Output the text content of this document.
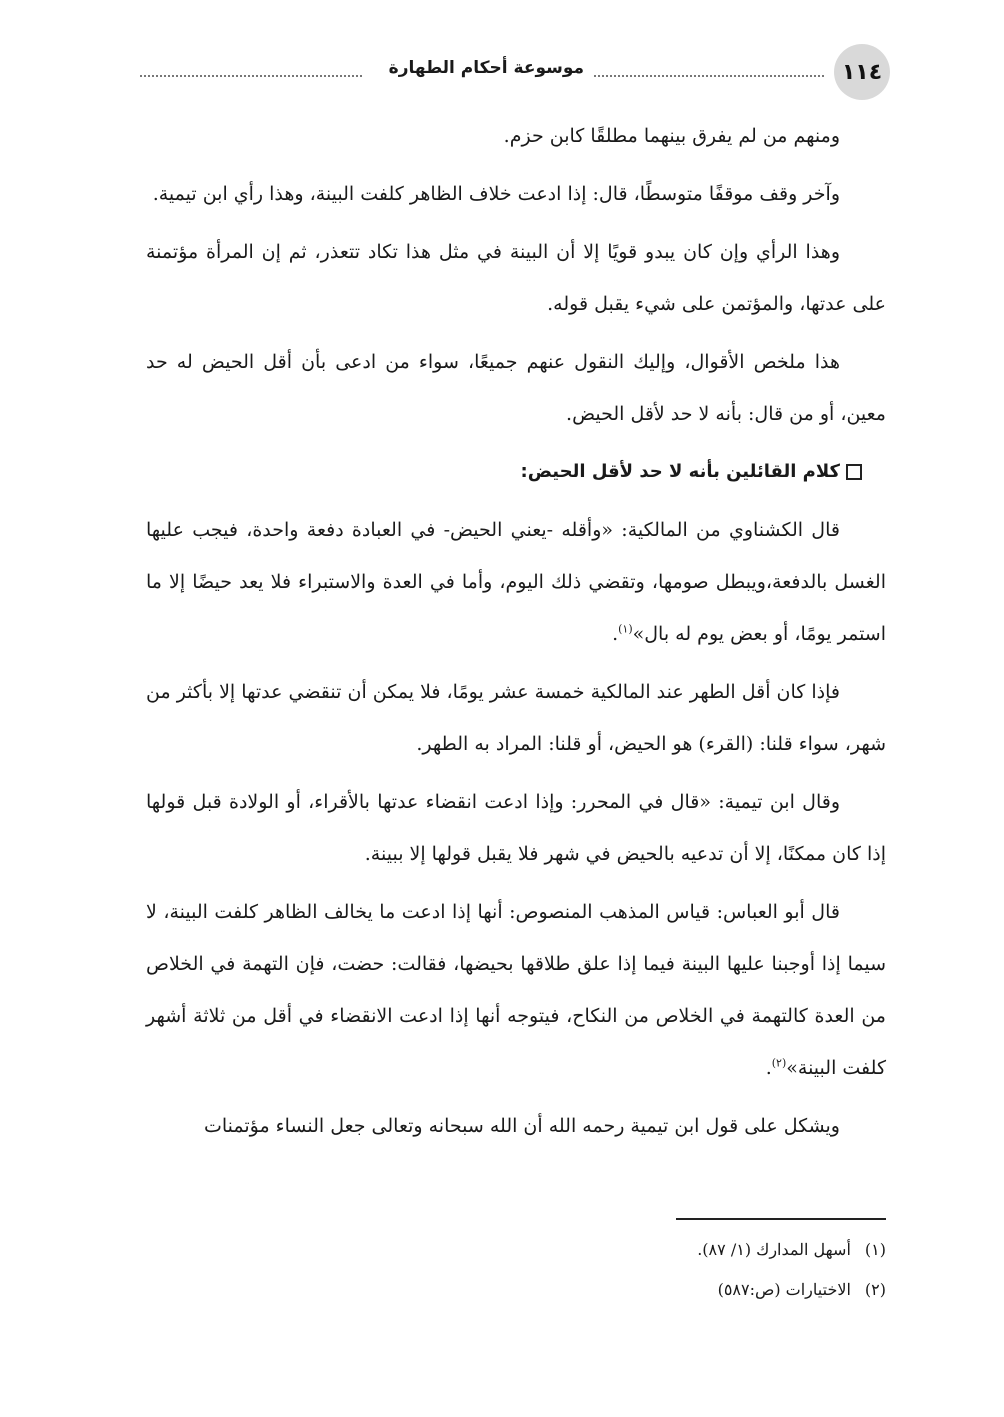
١١٤
موسوعة أحكام الطهارة

ومنهم من لم يفرق بينهما مطلقًا كابن حزم.

وآخر وقف موقفًا متوسطًا، قال: إذا ادعت خلاف الظاهر كلفت البينة، وهذا رأي ابن تيمية.

وهذا الرأي وإن كان يبدو قويًا إلا أن البينة في مثل هذا تكاد تتعذر، ثم إن المرأة مؤتمنة على عدتها، والمؤتمن على شيء يقبل قوله.

هذا ملخص الأقوال، وإليك النقول عنهم جميعًا، سواء من ادعى بأن أقل الحيض له حد معين، أو من قال: بأنه لا حد لأقل الحيض.

كلام القائلين بأنه لا حد لأقل الحيض:

قال الكشناوي من المالكية: «وأقله -يعني الحيض- في العبادة دفعة واحدة، فيجب عليها الغسل بالدفعة،ويبطل صومها، وتقضي ذلك اليوم، وأما في العدة والاستبراء فلا يعد حيضًا إلا ما استمر يومًا، أو بعض يوم له بال»$^{(١)}$.

فإذا كان أقل الطهر عند المالكية خمسة عشر يومًا، فلا يمكن أن تنقضي عدتها إلا بأكثر من شهر، سواء قلنا: (القرء) هو الحيض، أو قلنا: المراد به الطهر.

وقال ابن تيمية: «قال في المحرر: وإذا ادعت انقضاء عدتها بالأقراء، أو الولادة قبل قولها إذا كان ممكنًا، إلا أن تدعيه بالحيض في شهر فلا يقبل قولها إلا ببينة.

قال أبو العباس: قياس المذهب المنصوص: أنها إذا ادعت ما يخالف الظاهر كلفت البينة، لا سيما إذا أوجبنا عليها البينة فيما إذا علق طلاقها بحيضها، فقالت: حضت، فإن التهمة في الخلاص من العدة كالتهمة في الخلاص من النكاح، فيتوجه أنها إذا ادعت الانقضاء في أقل من ثلاثة أشهر كلفت البينة»$^{(٢)}$.

ويشكل على قول ابن تيمية رحمه الله أن الله سبحانه وتعالى جعل النساء مؤتمنات

(١)أسهل المدارك (١/ ٨٧).
(٢)الاختيارات (ص:٥٨٧)
